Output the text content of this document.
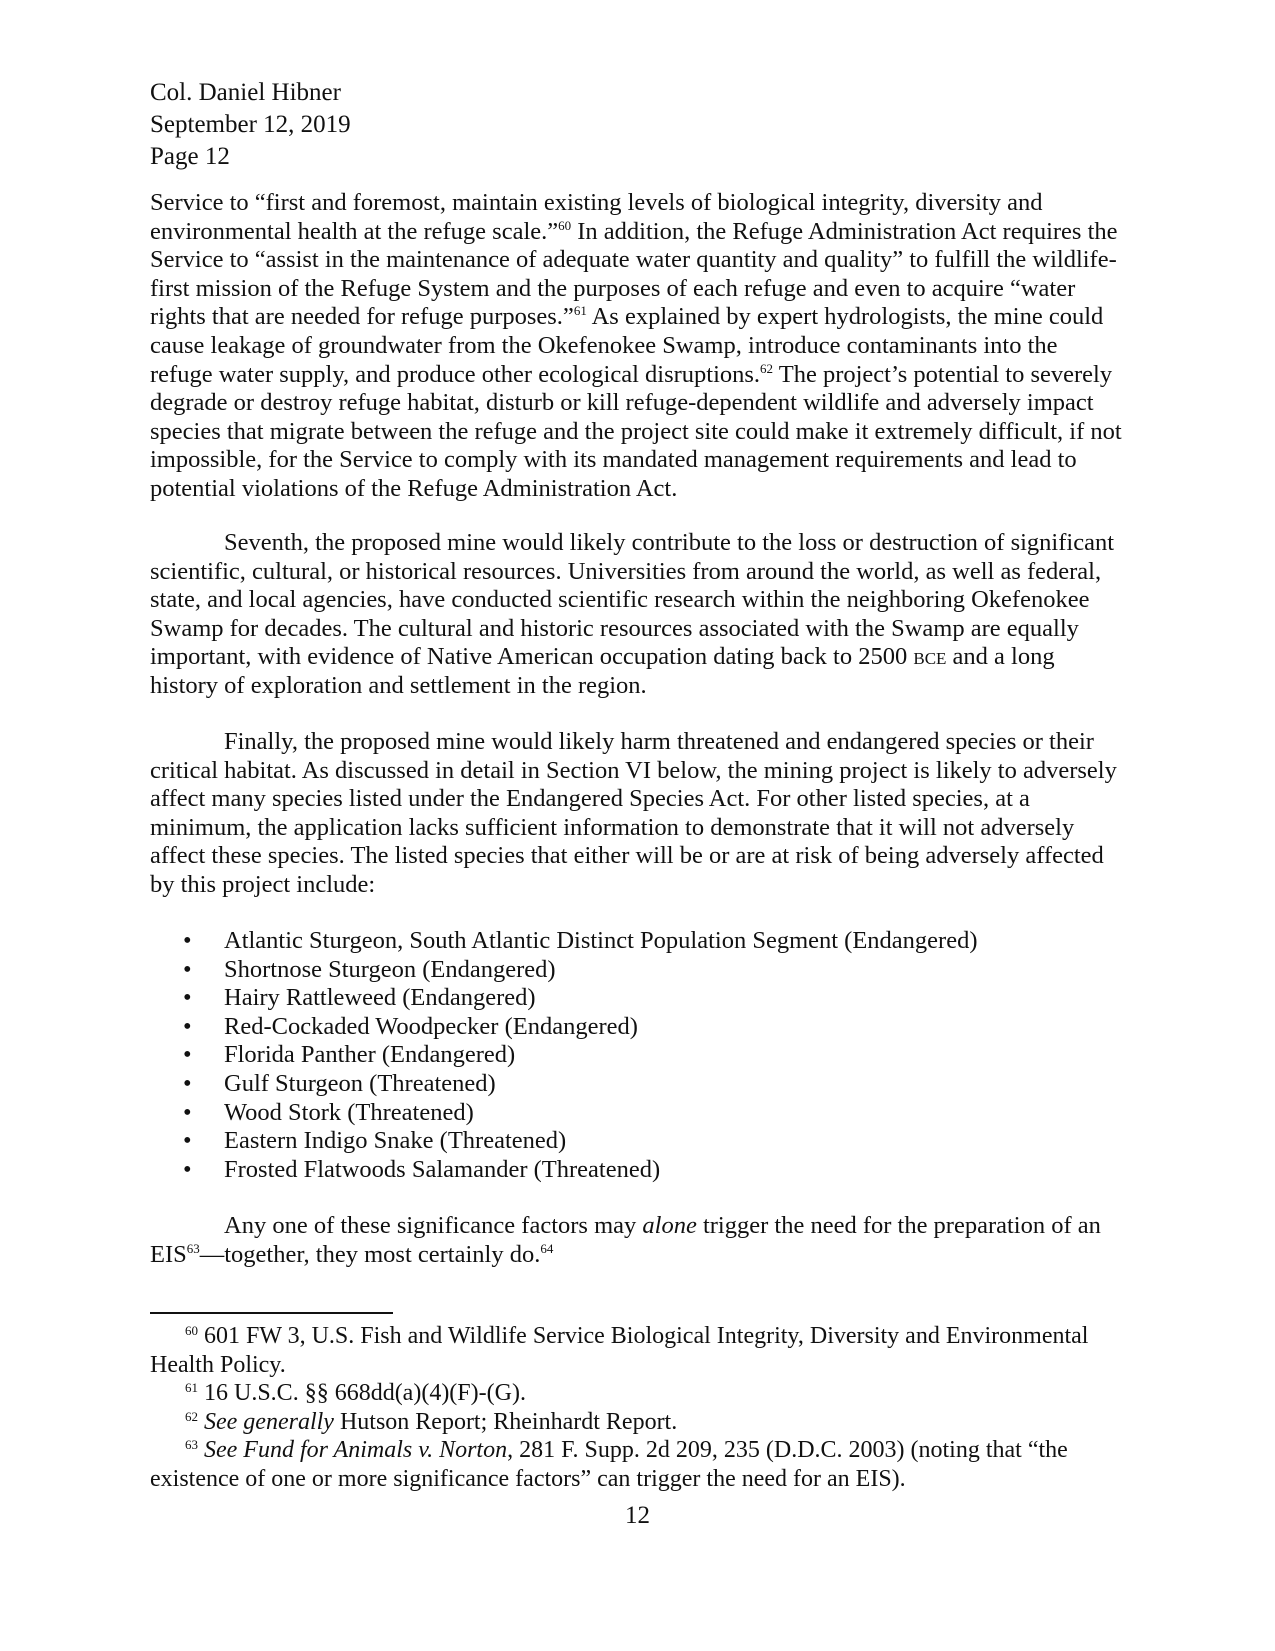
Col. Daniel Hibner
September 12, 2019
Page 12

Service to “first and foremost, maintain existing levels of biological integrity, diversity and environmental health at the refuge scale.”$^{60}$ In addition, the Refuge Administration Act requires the Service to “assist in the maintenance of adequate water quantity and quality” to fulfill the wildlife-first mission of the Refuge System and the purposes of each refuge and even to acquire “water rights that are needed for refuge purposes.”$^{61}$ As explained by expert hydrologists, the mine could cause leakage of groundwater from the Okefenokee Swamp, introduce contaminants into the refuge water supply, and produce other ecological disruptions.$^{62}$ The project’s potential to severely degrade or destroy refuge habitat, disturb or kill refuge-dependent wildlife and adversely impact species that migrate between the refuge and the project site could make it extremely difficult, if not impossible, for the Service to comply with its mandated management requirements and lead to potential violations of the Refuge Administration Act.

Seventh, the proposed mine would likely contribute to the loss or destruction of significant scientific, cultural, or historical resources. Universities from around the world, as well as federal, state, and local agencies, have conducted scientific research within the neighboring Okefenokee Swamp for decades. The cultural and historic resources associated with the Swamp are equally important, with evidence of Native American occupation dating back to 2500 bce and a long history of exploration and settlement in the region.

Finally, the proposed mine would likely harm threatened and endangered species or their critical habitat. As discussed in detail in Section VI below, the mining project is likely to adversely affect many species listed under the Endangered Species Act. For other listed species, at a minimum, the application lacks sufficient information to demonstrate that it will not adversely affect these species. The listed species that either will be or are at risk of being adversely affected by this project include:

• Atlantic Sturgeon, South Atlantic Distinct Population Segment (Endangered)
• Shortnose Sturgeon (Endangered)
• Hairy Rattleweed (Endangered)
• Red-Cockaded Woodpecker (Endangered)
• Florida Panther (Endangered)
• Gulf Sturgeon (Threatened)
• Wood Stork (Threatened)
• Eastern Indigo Snake (Threatened)
• Frosted Flatwoods Salamander (Threatened)

Any one of these significance factors may alone trigger the need for the preparation of an EIS$^{63}$—together, they most certainly do.$^{64}$

$^{60}$ 601 FW 3, U.S. Fish and Wildlife Service Biological Integrity, Diversity and Environmental Health Policy.

$^{61}$ 16 U.S.C. §§ 668dd(a)(4)(F)-(G).

$^{62}$ See generally Hutson Report; Rheinhardt Report.

$^{63}$ See Fund for Animals v. Norton, 281 F. Supp. 2d 209, 235 (D.D.C. 2003) (noting that “the existence of one or more significance factors” can trigger the need for an EIS).

12
